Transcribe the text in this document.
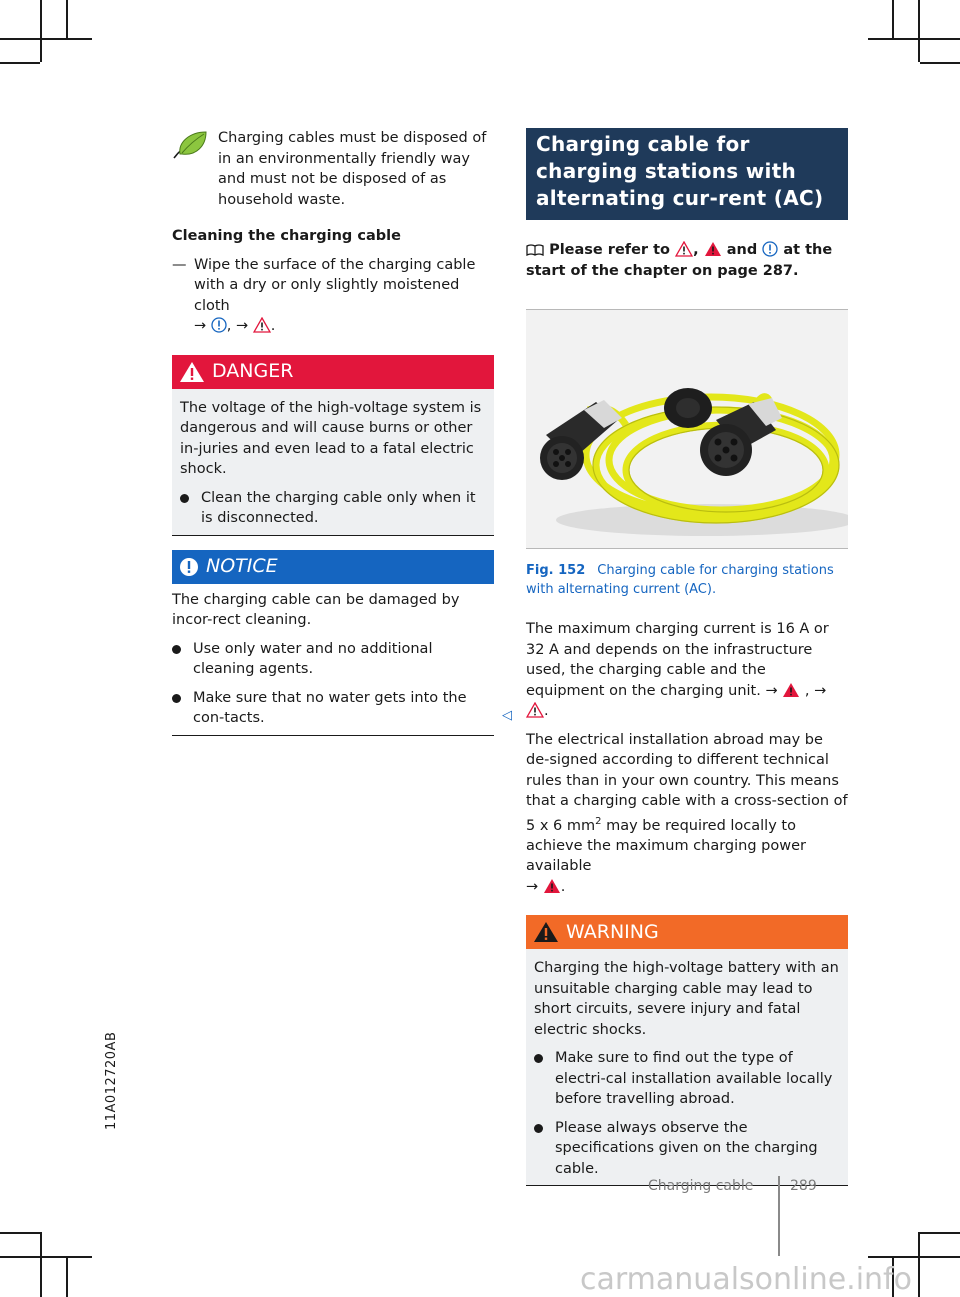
11A012720AB

Charging cables must be disposed of in an environmentally friendly way and must not be disposed of as household waste.

Cleaning the charging cable
— Wipe the surface of the charging cable with a dry or only slightly moistened cloth
→ , → .
DANGER
The voltage of the high-voltage system is dangerous and will cause burns or other in-juries and even lead to a fatal electric shock.
Clean the charging cable only when it is disconnected.
NOTICE
The charging cable can be damaged by incor-rect cleaning.
Use only water and no additional cleaning agents.
Make sure that no water gets into the con-tacts.	◁
Charging cable for charging stations with alternating cur-rent (AC)
Please refer to , and at the start of the chapter on page 287.
Fig. 152 Charging cable for charging stations with alternating current (AC).

The maximum charging current is 16 A or 32 A and depends on the infrastructure used, the charging cable and the equipment on the charging unit. → , → .

The electrical installation abroad may be de-signed according to different technical rules than in your own country. This means that a charging cable with a cross-section of 5 x 6 $mm^2$ may be required locally to achieve the maximum charging power available
→ .

WARNING
Charging the high-voltage battery with an unsuitable charging cable may lead to short circuits, severe injury and fatal electric shocks.
Make sure to find out the type of electri-cal installation available locally before travelling abroad.
Please always observe the specifications given on the charging cable.
Charging cable	289
carmanualsonline.info
